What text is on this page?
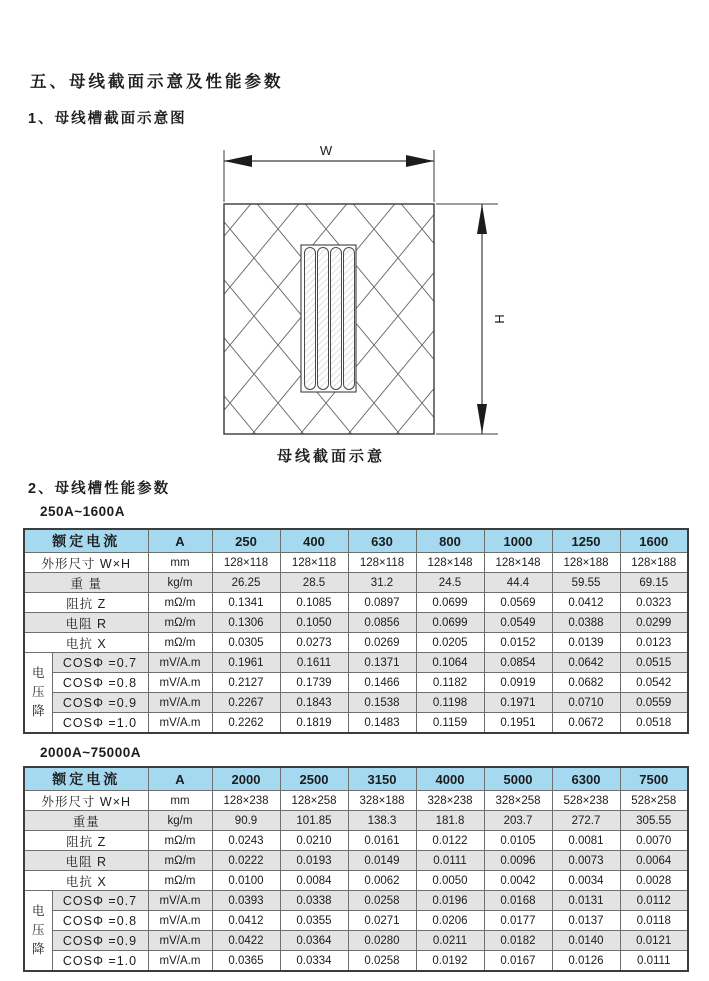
五、母线截面示意及性能参数
1、母线槽截面示意图
W
H
母线截面示意
2、母线槽性能参数
250A~1600A
额定电流		A	250	400	630	800	1000	1250	1600
外形尺寸 W×H		mm	128×118	128×118	128×118	128×148	128×148	128×188	128×188
重 量		kg/m	26.25	28.5	31.2	24.5	44.4	59.55	69.15
阻抗 Z		mΩ/m	0.1341	0.1085	0.0897	0.0699	0.0569	0.0412	0.0323
电阻 R		mΩ/m	0.1306	0.1050	0.0856	0.0699	0.0549	0.0388	0.0299
电抗 X		mΩ/m	0.0305	0.0273	0.0269	0.0205	0.0152	0.0139	0.0123

电
压
降	COSΦ =0.7	mV/A.m	0.1961	0.1611	0.1371	0.1064	0.0854	0.0642	0.0515
	COSΦ =0.8	mV/A.m	0.2127	0.1739	0.1466	0.1182	0.0919	0.0682	0.0542
	COSΦ =0.9	mV/A.m	0.2267	0.1843	0.1538	0.1198	0.1971	0.0710	0.0559
	COSΦ =1.0	mV/A.m	0.2262	0.1819	0.1483	0.1159	0.1951	0.0672	0.0518
2000A~75000A
额定电流		A	2000	2500	3150	4000	5000	6300	7500
外形尺寸 W×H		mm	128×238	128×258	328×188	328×238	328×258	528×238	528×258
重量		kg/m	90.9	101.85	138.3	181.8	203.7	272.7	305.55
阻抗 Z		mΩ/m	0.0243	0.0210	0.0161	0.0122	0.0105	0.0081	0.0070
电阻 R		mΩ/m	0.0222	0.0193	0.0149	0.0111	0.0096	0.0073	0.0064
电抗 X		mΩ/m	0.0100	0.0084	0.0062	0.0050	0.0042	0.0034	0.0028

电
压
降	COSΦ =0.7	mV/A.m	0.0393	0.0338	0.0258	0.0196	0.0168	0.0131	0.0112
	COSΦ =0.8	mV/A.m	0.0412	0.0355	0.0271	0.0206	0.0177	0.0137	0.0118
	COSΦ =0.9	mV/A.m	0.0422	0.0364	0.0280	0.0211	0.0182	0.0140	0.0121
	COSΦ =1.0	mV/A.m	0.0365	0.0334	0.0258	0.0192	0.0167	0.0126	0.0111
